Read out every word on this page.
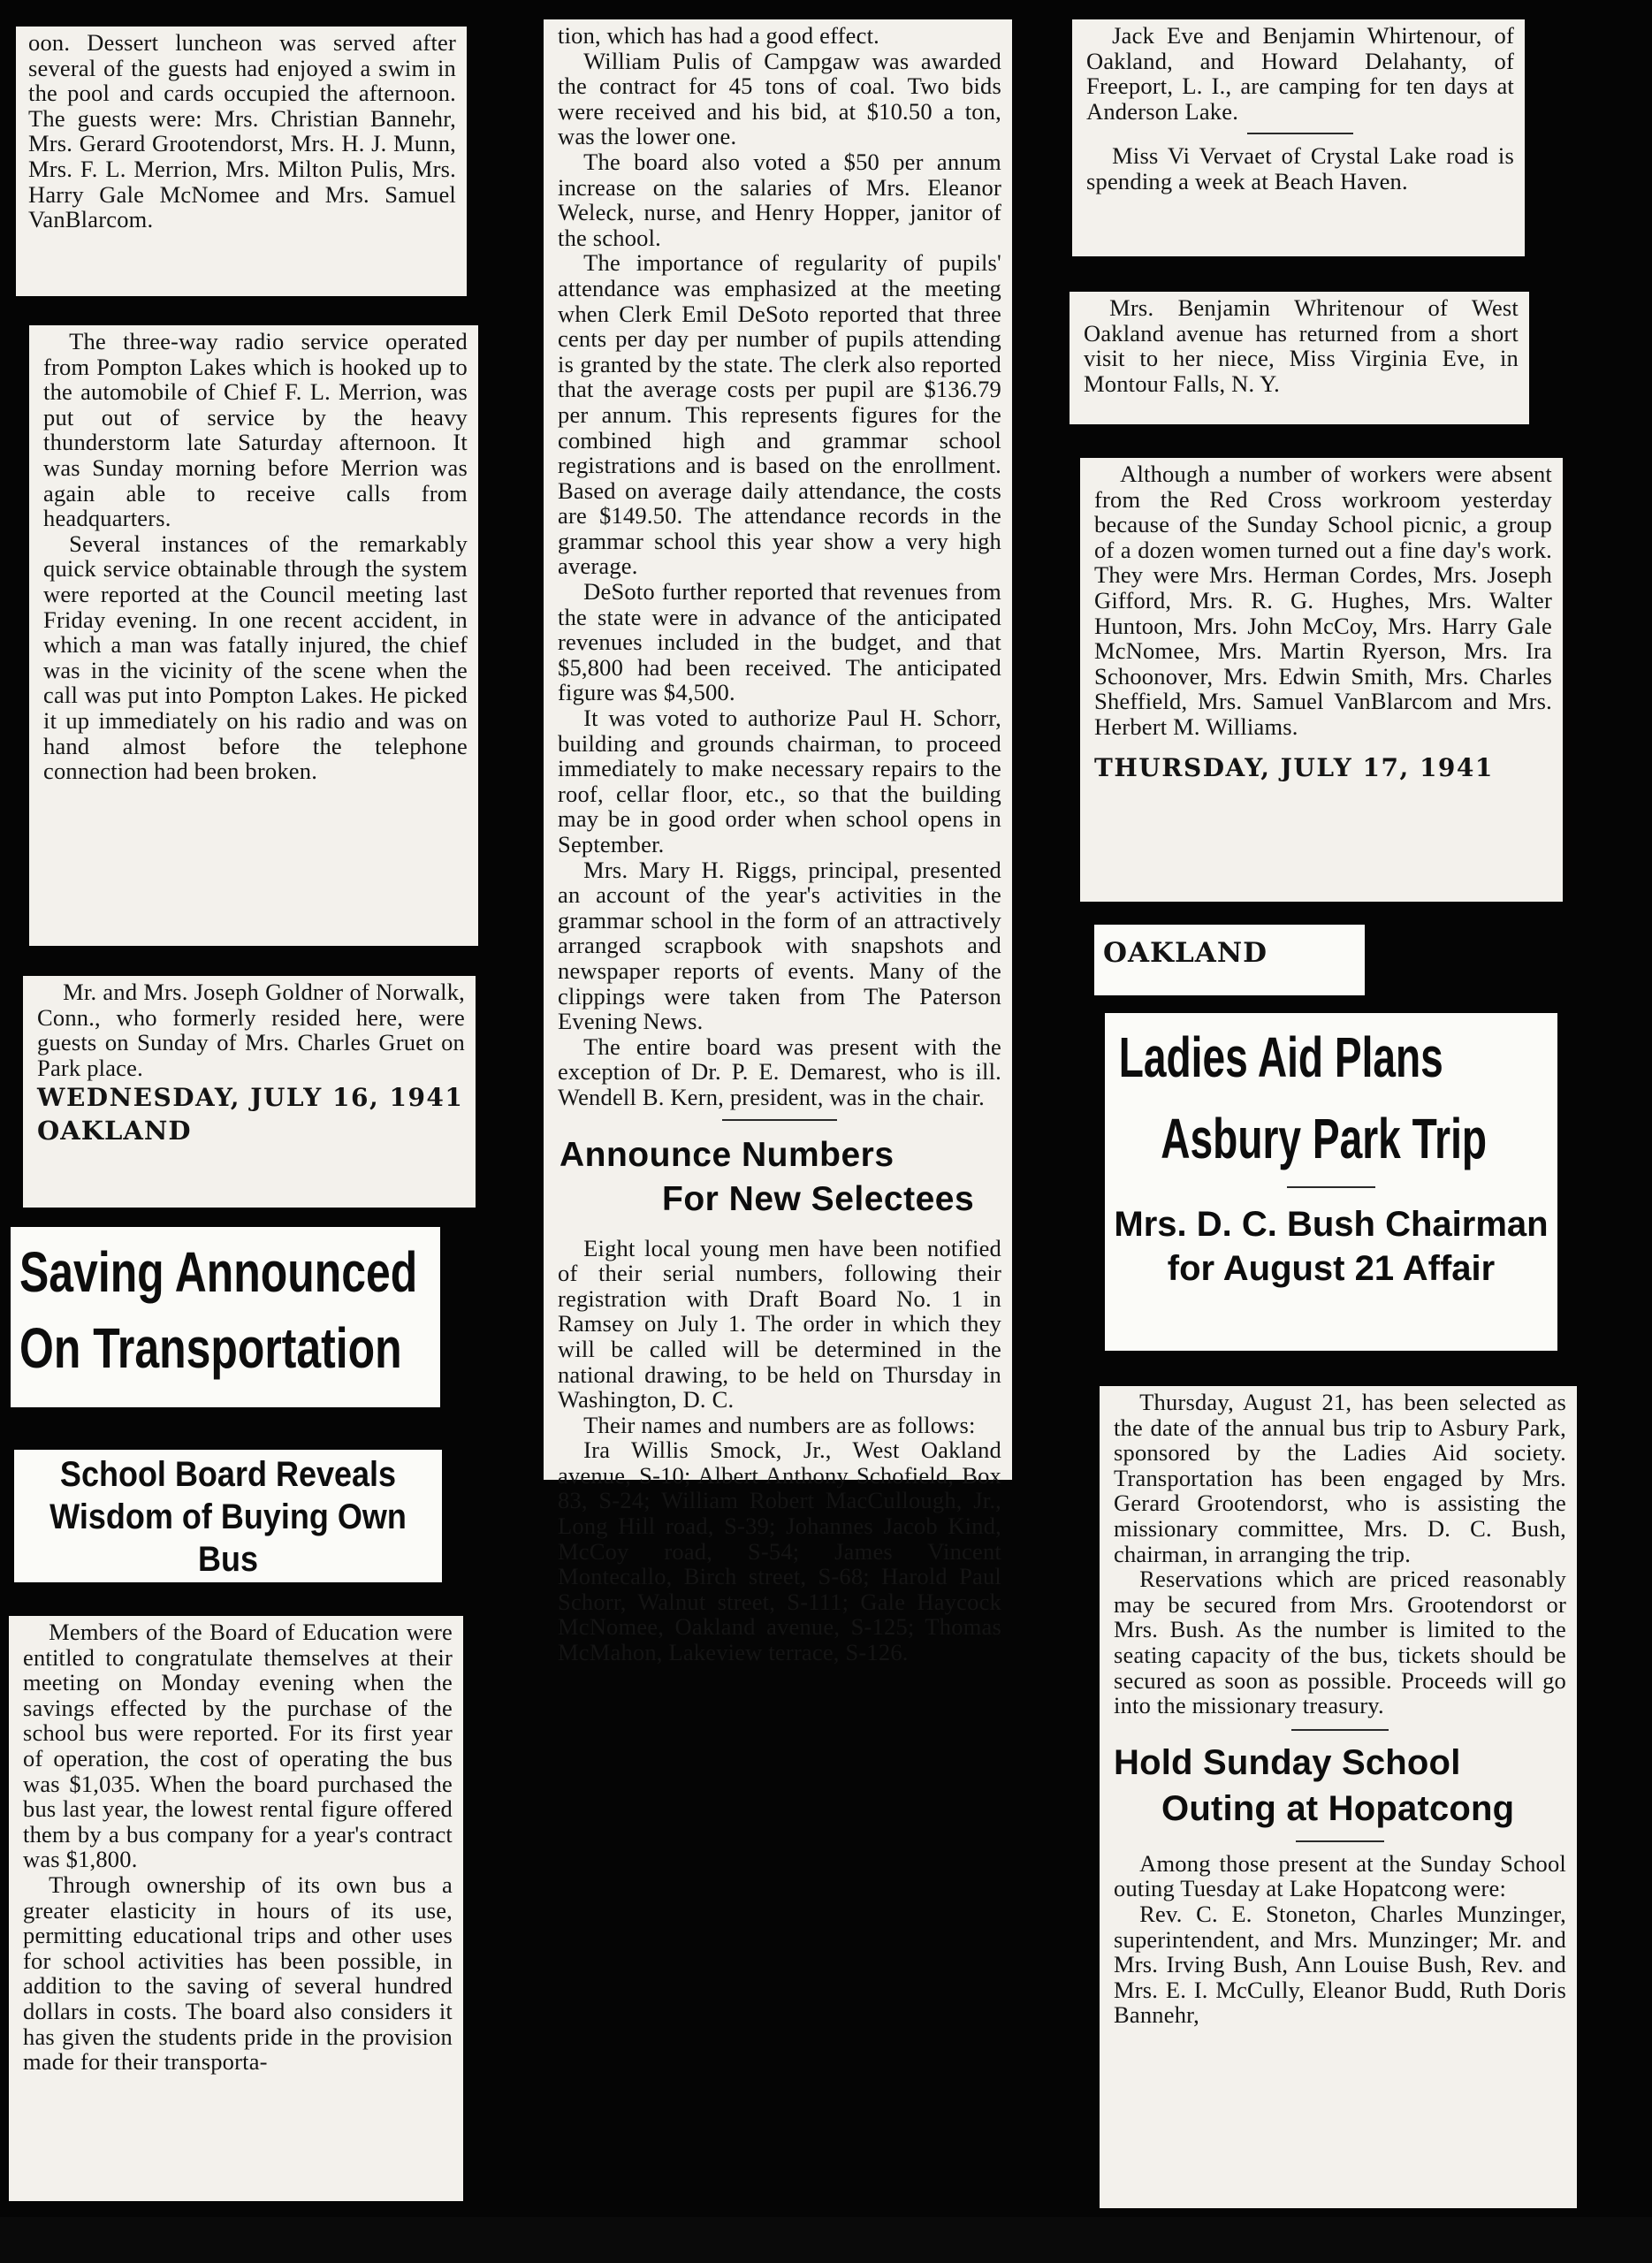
oon. Dessert luncheon was served after several of the guests had enjoyed a swim in the pool and cards occupied the afternoon. The guests were: Mrs. Christian Bannehr, Mrs. Gerard Grootendorst, Mrs. H. J. Munn, Mrs. F. L. Merrion, Mrs. Milton Pulis, Mrs. Harry Gale McNomee and Mrs. Samuel VanBlarcom.

The three-way radio service operated from Pompton Lakes which is hooked up to the automobile of Chief F. L. Merrion, was put out of service by the heavy thunderstorm late Saturday afternoon. It was Sunday morning before Merrion was again able to receive calls from headquarters.

Several instances of the remarkably quick service obtainable through the system were reported at the Council meeting last Friday evening. In one recent accident, in which a man was fatally injured, the chief was in the vicinity of the scene when the call was put into Pompton Lakes. He picked it up immediately on his radio and was on hand almost before the telephone connection had been broken.

Mr. and Mrs. Joseph Goldner of Norwalk, Conn., who formerly resided here, were guests on Sunday of Mrs. Charles Gruet on Park place.

WEDNESDAY, JULY 16, 1941
OAKLAND
Saving Announced On Transportation
School Board Reveals Wisdom of Buying Own Bus

Members of the Board of Education were entitled to congratulate themselves at their meeting on Monday evening when the savings effected by the purchase of the school bus were reported. For its first year of operation, the cost of operating the bus was $1,035. When the board purchased the bus last year, the lowest rental figure offered them by a bus company for a year's contract was $1,800.

Through ownership of its own bus a greater elasticity in hours of its use, permitting educational trips and other uses for school activities has been possible, in addition to the saving of several hundred dollars in costs. The board also considers it has given the students pride in the provision made for their transporta-

tion, which has had a good effect.

William Pulis of Campgaw was awarded the contract for 45 tons of coal. Two bids were received and his bid, at $10.50 a ton, was the lower one.

The board also voted a $50 per annum increase on the salaries of Mrs. Eleanor Weleck, nurse, and Henry Hopper, janitor of the school.

The importance of regularity of pupils' attendance was emphasized at the meeting when Clerk Emil DeSoto reported that three cents per day per number of pupils attending is granted by the state. The clerk also reported that the average costs per pupil are $136.79 per annum. This represents figures for the combined high and grammar school registrations and is based on the enrollment. Based on average daily attendance, the costs are $149.50. The attendance records in the grammar school this year show a very high average.

DeSoto further reported that revenues from the state were in advance of the anticipated revenues included in the budget, and that $5,800 had been received. The anticipated figure was $4,500.

It was voted to authorize Paul H. Schorr, building and grounds chairman, to proceed immediately to make necessary repairs to the roof, cellar floor, etc., so that the building may be in good order when school opens in September.

Mrs. Mary H. Riggs, principal, presented an account of the year's activities in the grammar school in the form of an attractively arranged scrapbook with snapshots and newspaper reports of events. Many of the clippings were taken from The Paterson Evening News.

The entire board was present with the exception of Dr. P. E. Demarest, who is ill. Wendell B. Kern, president, was in the chair.

Announce Numbers
For New Selectees

Eight local young men have been notified of their serial numbers, following their registration with Draft Board No. 1 in Ramsey on July 1. The order in which they will be called will be determined in the national drawing, to be held on Thursday in Washington, D. C.

Their names and numbers are as follows:

Ira Willis Smock, Jr., West Oakland avenue, S-10; Albert Anthony Schofield, Box 83, S-24; William Robert MacCullough, Jr., Long Hill road, S-39; Johannes Jacob Kind, McCoy road, S-54; James Vincent Montecallo, Birch street, S-68; Harold Paul Schorr, Walnut street, S-111; Gale Haycock McNomee, Oakland avenue, S-125; Thomas McMahon, Lakeview terrace, S-126.

Jack Eve and Benjamin Whirtenour, of Oakland, and Howard Delahanty, of Freeport, L. I., are camping for ten days at Anderson Lake.

Miss Vi Vervaet of Crystal Lake road is spending a week at Beach Haven.

Mrs. Benjamin Whritenour of West Oakland avenue has returned from a short visit to her niece, Miss Virginia Eve, in Montour Falls, N. Y.

Although a number of workers were absent from the Red Cross workroom yesterday because of the Sunday School picnic, a group of a dozen women turned out a fine day's work. They were Mrs. Herman Cordes, Mrs. Joseph Gifford, Mrs. R. G. Hughes, Mrs. Walter Huntoon, Mrs. John McCoy, Mrs. Harry Gale McNomee, Mrs. Martin Ryerson, Mrs. Ira Schoonover, Mrs. Edwin Smith, Mrs. Charles Sheffield, Mrs. Samuel VanBlarcom and Mrs. Herbert M. Williams.

THURSDAY, JULY 17, 1941
OAKLAND
Ladies Aid Plans
Asbury Park Trip
Mrs. D. C. Bush Chairman for August 21 Affair

Thursday, August 21, has been selected as the date of the annual bus trip to Asbury Park, sponsored by the Ladies Aid society. Transportation has been engaged by Mrs. Gerard Grootendorst, who is assisting the missionary committee, Mrs. D. C. Bush, chairman, in arranging the trip.

Reservations which are priced reasonably may be secured from Mrs. Grootendorst or Mrs. Bush. As the number is limited to the seating capacity of the bus, tickets should be secured as soon as possible. Proceeds will go into the missionary treasury.

Hold Sunday School
Outing at Hopatcong

Among those present at the Sunday School outing Tuesday at Lake Hopatcong were:

Rev. C. E. Stoneton, Charles Munzinger, superintendent, and Mrs. Munzinger; Mr. and Mrs. Irving Bush, Ann Louise Bush, Rev. and Mrs. E. I. McCully, Eleanor Budd, Ruth Doris Bannehr,
